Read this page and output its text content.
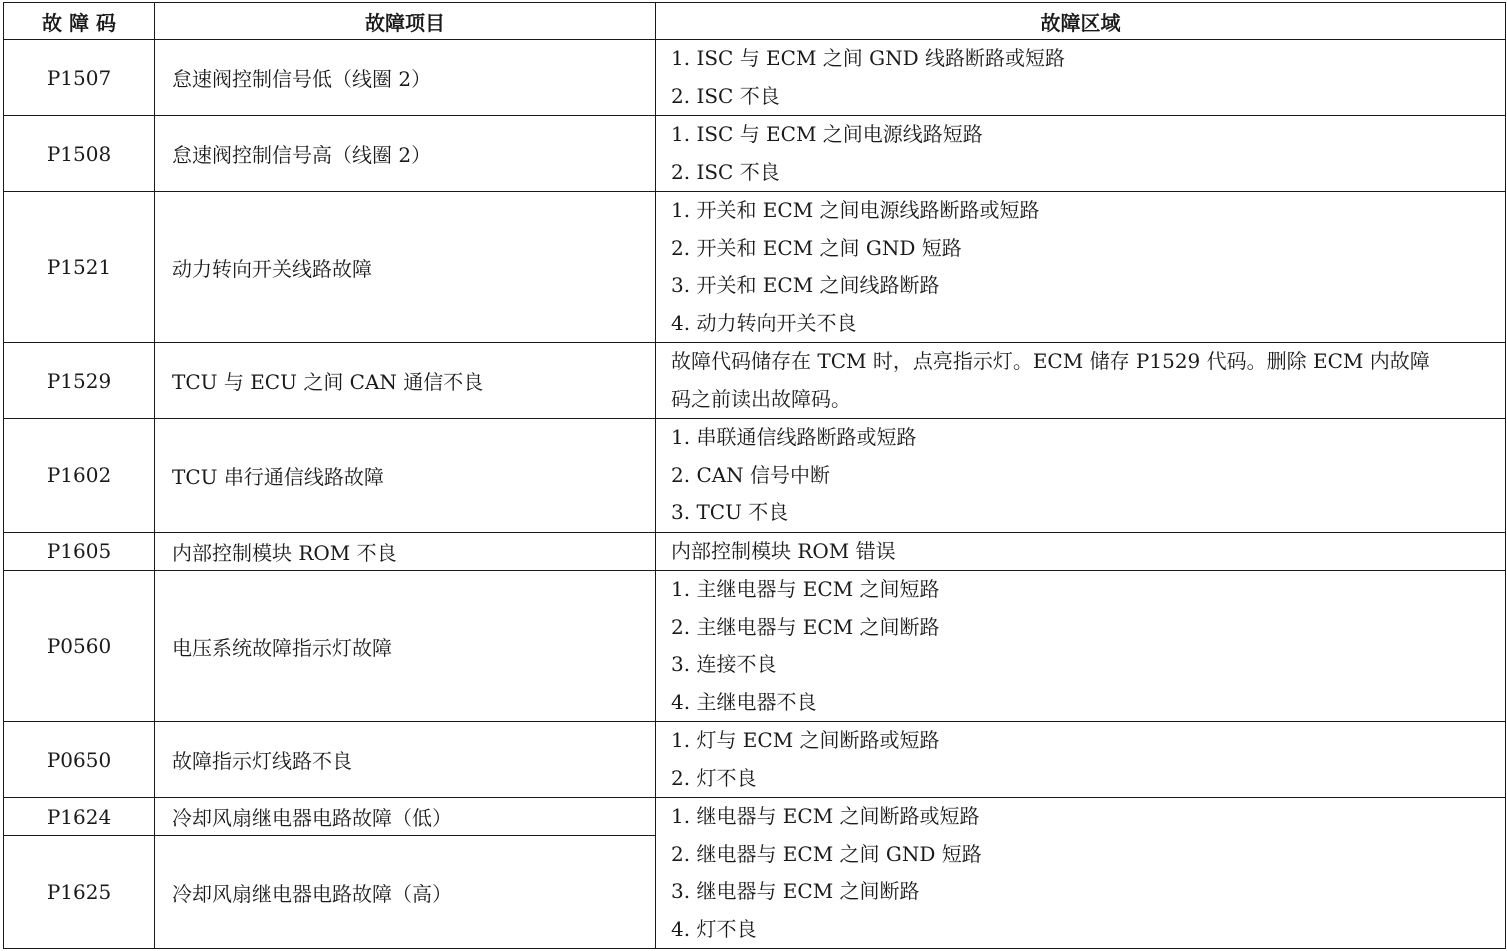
故 障 码	故障项目	故障区域
P1507	怠速阀控制信号低（线圈 2）	1. ISC 与 ECM 之间 GND 线路断路或短路
2. ISC 不良

P1508	怠速阀控制信号高（线圈 2）	1. ISC 与 ECM 之间电源线路短路
2. ISC 不良

P1521	动力转向开关线路故障	1. 开关和 ECM 之间电源线路断路或短路
2. 开关和 ECM 之间 GND 短路
3. 开关和 ECM 之间线路断路
4. 动力转向开关不良

P1529	TCU 与 ECU 之间 CAN 通信不良	故障代码储存在 TCM 时，点亮指示灯。ECM 储存 P1529 代码。删除 ECM 内故障
码之前读出故障码。

P1602	TCU 串行通信线路故障	1. 串联通信线路断路或短路
2. CAN 信号中断
3. TCU 不良

P1605	内部控制模块 ROM 不良	内部控制模块 ROM 错误

P0560	电压系统故障指示灯故障	1. 主继电器与 ECM 之间短路
2. 主继电器与 ECM 之间断路
3. 连接不良
4. 主继电器不良

P0650	故障指示灯线路不良	1. 灯与 ECM 之间断路或短路
2. 灯不良

P1624	冷却风扇继电器电路故障（低）	1. 继电器与 ECM 之间断路或短路
2. 继电器与 ECM 之间 GND 短路
3. 继电器与 ECM 之间断路
4. 灯不良

P1625	冷却风扇继电器电路故障（高）	
